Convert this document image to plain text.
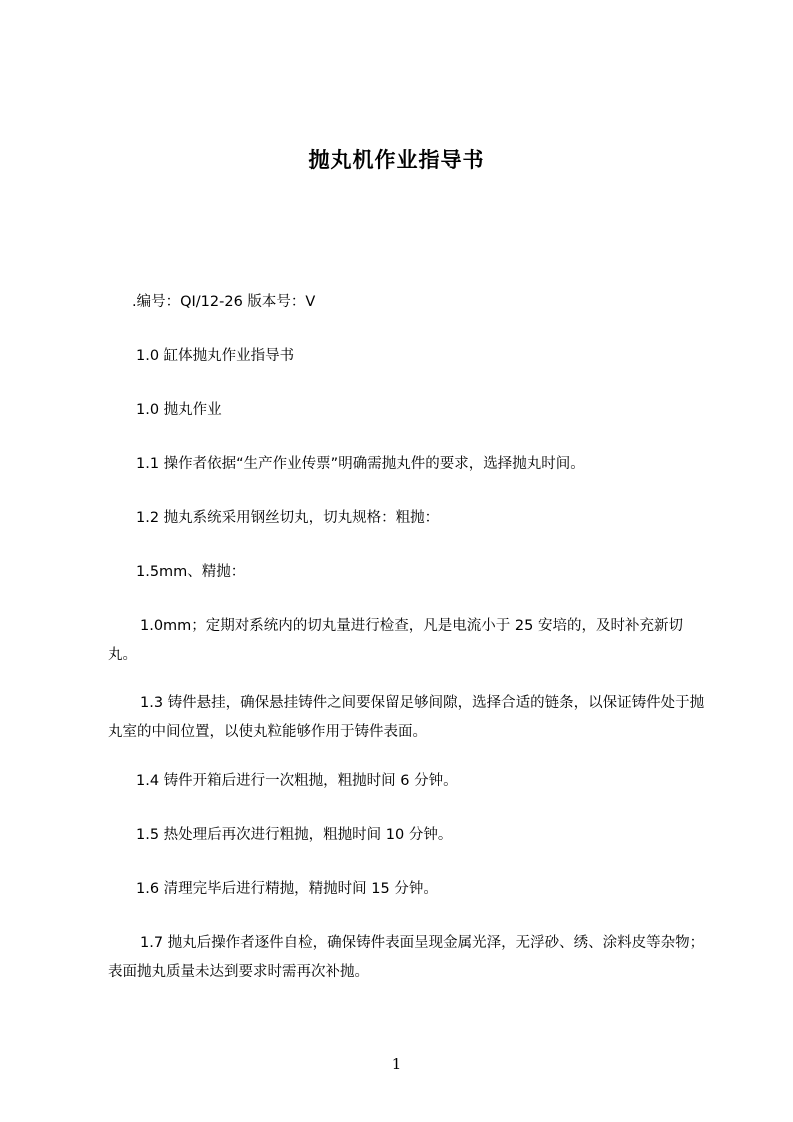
抛丸机作业指导书

.编号：QI/12-26 版本号：V

1.0 缸体抛丸作业指导书

1.0 抛丸作业

1.1 操作者依据“生产作业传票”明确需抛丸件的要求，选择抛丸时间。

1.2 抛丸系统采用钢丝切丸，切丸规格：粗抛：

1.5mm、精抛：

1.0mm；定期对系统内的切丸量进行检查，凡是电流小于 25 安培的，及时补充新切丸。

1.3 铸件悬挂，确保悬挂铸件之间要保留足够间隙，选择合适的链条，以保证铸件处于抛丸室的中间位置，以使丸粒能够作用于铸件表面。

1.4 铸件开箱后进行一次粗抛，粗抛时间 6 分钟。

1.5 热处理后再次进行粗抛，粗抛时间 10 分钟。

1.6 清理完毕后进行精抛，精抛时间 15 分钟。

1.7 抛丸后操作者逐件自检，确保铸件表面呈现金属光泽，无浮砂、绣、涂料皮等杂物；表面抛丸质量未达到要求时需再次补抛。

1
